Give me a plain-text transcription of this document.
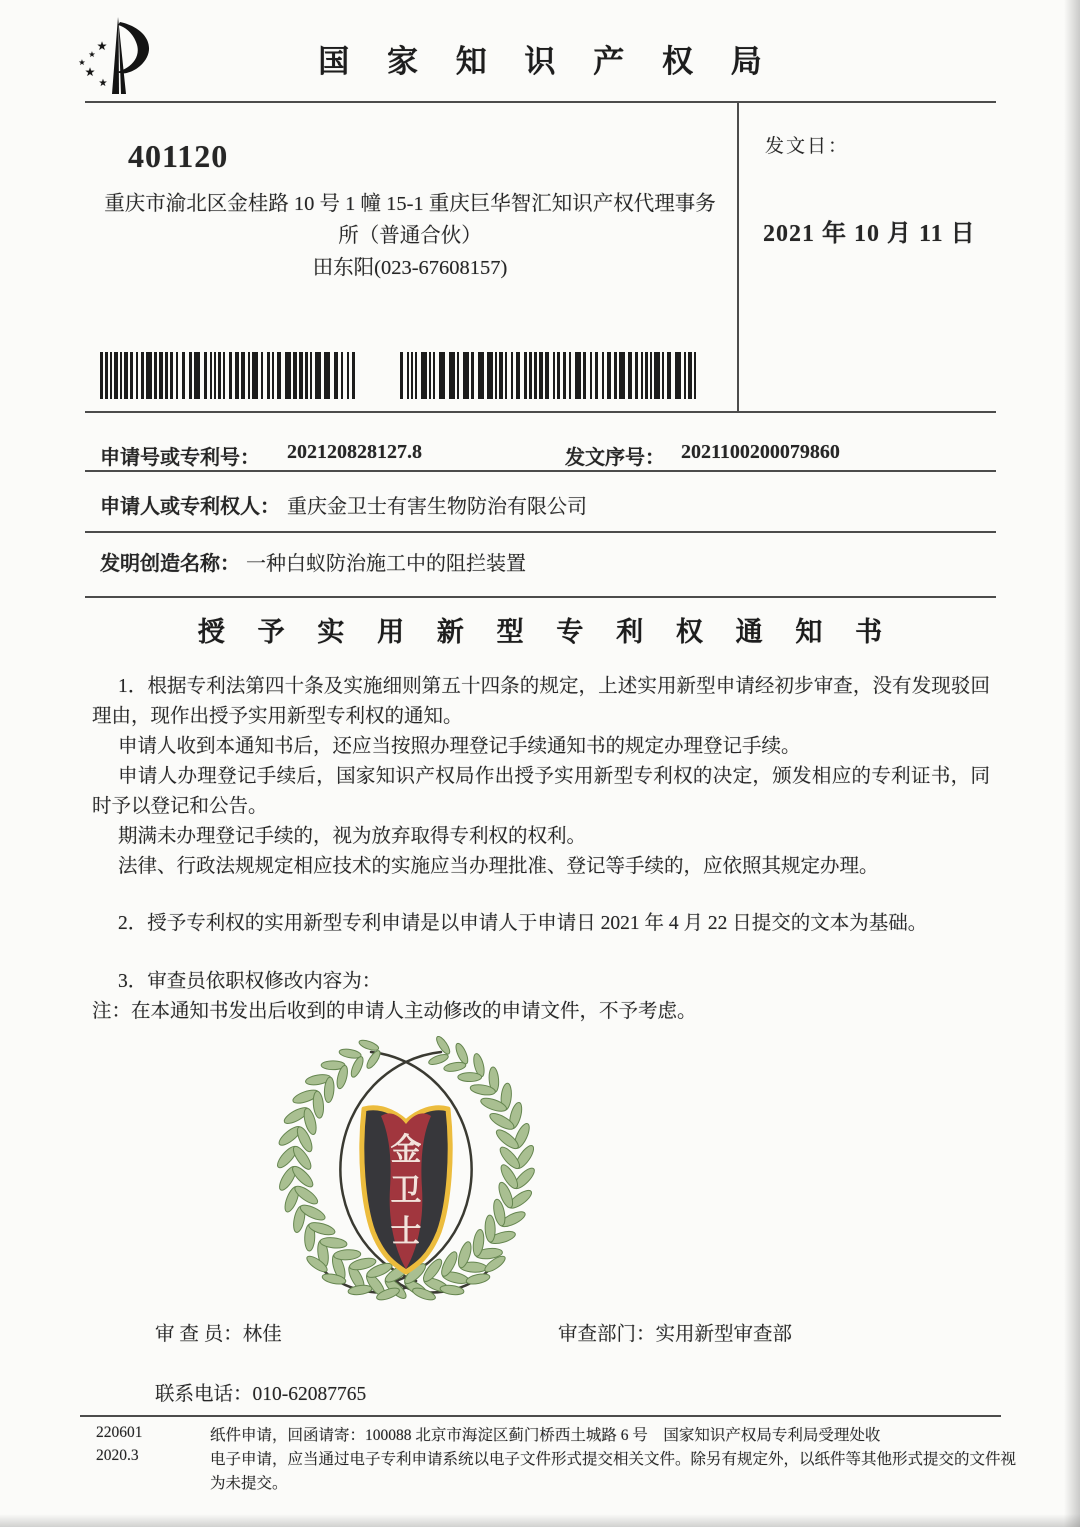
★
★
★
★
★
国 家 知 识 产 权 局
发文日：
2021 年 10 月 11 日
401120
重庆市渝北区金桂路 10 号 1 幢 15-1 重庆巨华智汇知识产权代理事务所（普通合伙）
田东阳(023-67608157)
申请号或专利号： 202120828127.8	发文序号： 2021100200079860
申请人或专利权人： 重庆金卫士有害生物防治有限公司
发明创造名称： 一种白蚁防治施工中的阻拦装置
授 予 实 用 新 型 专 利 权 通 知 书

1．根据专利法第四十条及实施细则第五十四条的规定，上述实用新型申请经初步审查，没有发现驳回理由，现作出授予实用新型专利权的通知。

申请人收到本通知书后，还应当按照办理登记手续通知书的规定办理登记手续。

申请人办理登记手续后，国家知识产权局作出授予实用新型专利权的决定，颁发相应的专利证书，同时予以登记和公告。

期满未办理登记手续的，视为放弃取得专利权的权利。

法律、行政法规规定相应技术的实施应当办理批准、登记等手续的，应依照其规定办理。

2．授予专利权的实用新型专利申请是以申请人于申请日 2021 年 4 月 22 日提交的文本为基础。

3．审查员依职权修改内容为：

注：在本通知书发出后收到的申请人主动修改的申请文件，不予考虑。

金
卫
士
审 查 员：林佳	审查部门：实用新型审查部
联系电话：010-62087765
220601
2020.3
纸件申请，回函请寄：100088 北京市海淀区蓟门桥西土城路 6 号　国家知识产权局专利局受理处收
电子申请，应当通过电子专利申请系统以电子文件形式提交相关文件。除另有规定外，以纸件等其他形式提交的文件视为未提交。
